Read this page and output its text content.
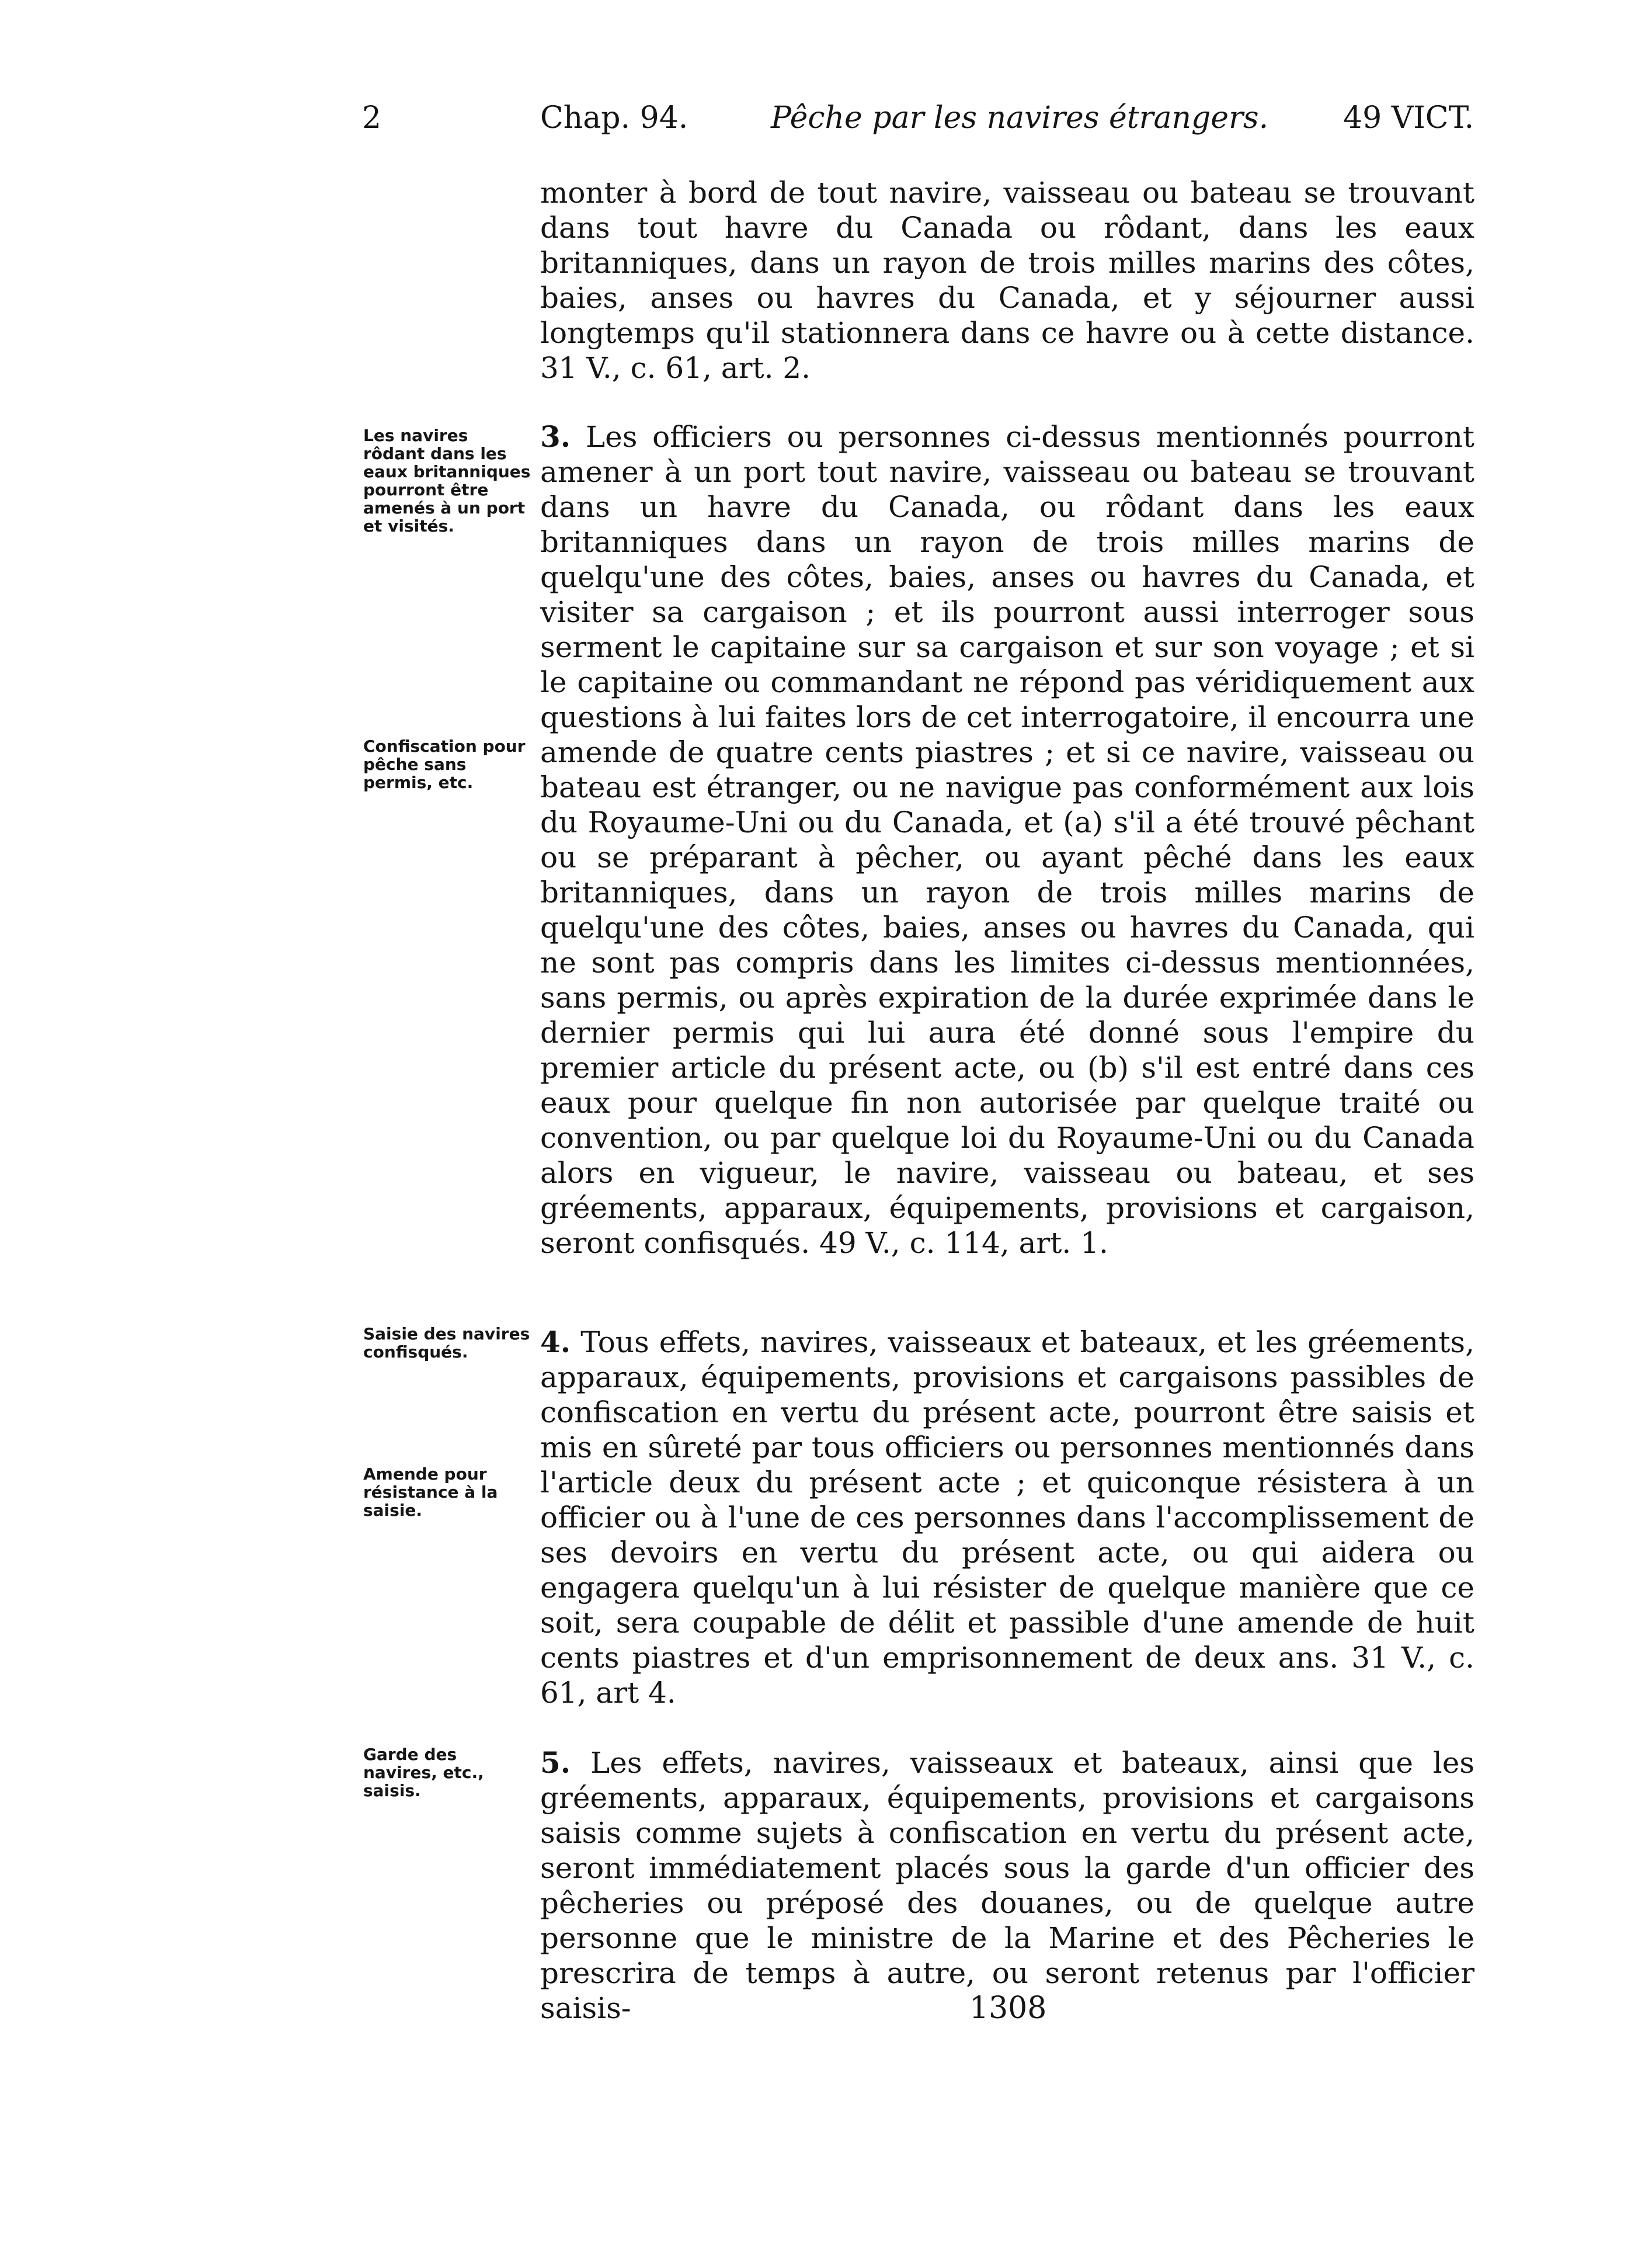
2	Chap. 94.	Pêche par les navires étrangers. 49 VICT.

monter à bord de tout navire, vaisseau ou bateau se trouvant dans tout havre du Canada ou rôdant, dans les eaux britanniques, dans un rayon de trois milles marins des côtes, baies, anses ou havres du Canada, et y séjourner aussi longtemps qu'il stationnera dans ce havre ou à cette distance. 31 V., c. 61, art. 2.

3. Les officiers ou personnes ci-dessus mentionnés pourront amener à un port tout navire, vaisseau ou bateau se trouvant dans un havre du Canada, ou rôdant dans les eaux britanniques dans un rayon de trois milles marins de quelqu'une des côtes, baies, anses ou havres du Canada, et visiter sa cargaison ; et ils pourront aussi interroger sous serment le capitaine sur sa cargaison et sur son voyage ; et si le capitaine ou commandant ne répond pas véridiquement aux questions à lui faites lors de cet interrogatoire, il encourra une amende de quatre cents piastres ; et si ce navire, vaisseau ou bateau est étranger, ou ne navigue pas conformément aux lois du Royaume-Uni ou du Canada, et (a) s'il a été trouvé pêchant ou se préparant à pêcher, ou ayant pêché dans les eaux britanniques, dans un rayon de trois milles marins de quelqu'une des côtes, baies, anses ou havres du Canada, qui ne sont pas compris dans les limites ci-dessus mentionnées, sans permis, ou après expiration de la durée exprimée dans le dernier permis qui lui aura été donné sous l'empire du premier article du présent acte, ou (b) s'il est entré dans ces eaux pour quelque fin non autorisée par quelque traité ou convention, ou par quelque loi du Royaume-Uni ou du Canada alors en vigueur, le navire, vaisseau ou bateau, et ses gréements, apparaux, équipements, provisions et cargaison, seront confisqués. 49 V., c. 114, art. 1.

4. Tous effets, navires, vaisseaux et bateaux, et les gréements, apparaux, équipements, provisions et cargaisons passibles de confiscation en vertu du présent acte, pourront être saisis et mis en sûreté par tous officiers ou personnes mentionnés dans l'article deux du présent acte ; et quiconque résistera à un officier ou à l'une de ces personnes dans l'accomplissement de ses devoirs en vertu du présent acte, ou qui aidera ou engagera quelqu'un à lui résister de quelque manière que ce soit, sera coupable de délit et passible d'une amende de huit cents piastres et d'un emprisonnement de deux ans. 31 V., c. 61, art 4.

5. Les effets, navires, vaisseaux et bateaux, ainsi que les gréements, apparaux, équipements, provisions et cargaisons saisis comme sujets à confiscation en vertu du présent acte, seront immédiatement placés sous la garde d'un officier des pêcheries ou préposé des douanes, ou de quelque autre personne que le ministre de la Marine et des Pêcheries le prescrira de temps à autre, ou seront retenus par l'officier saisis-

Les navires rôdant dans les eaux britanniques pourront être amenés à un port et visités.
Confiscation pour pêche sans permis, etc.
Saisie des navires confisqués.
Amende pour résistance à la saisie.
Garde des navires, etc., saisis.
1308
